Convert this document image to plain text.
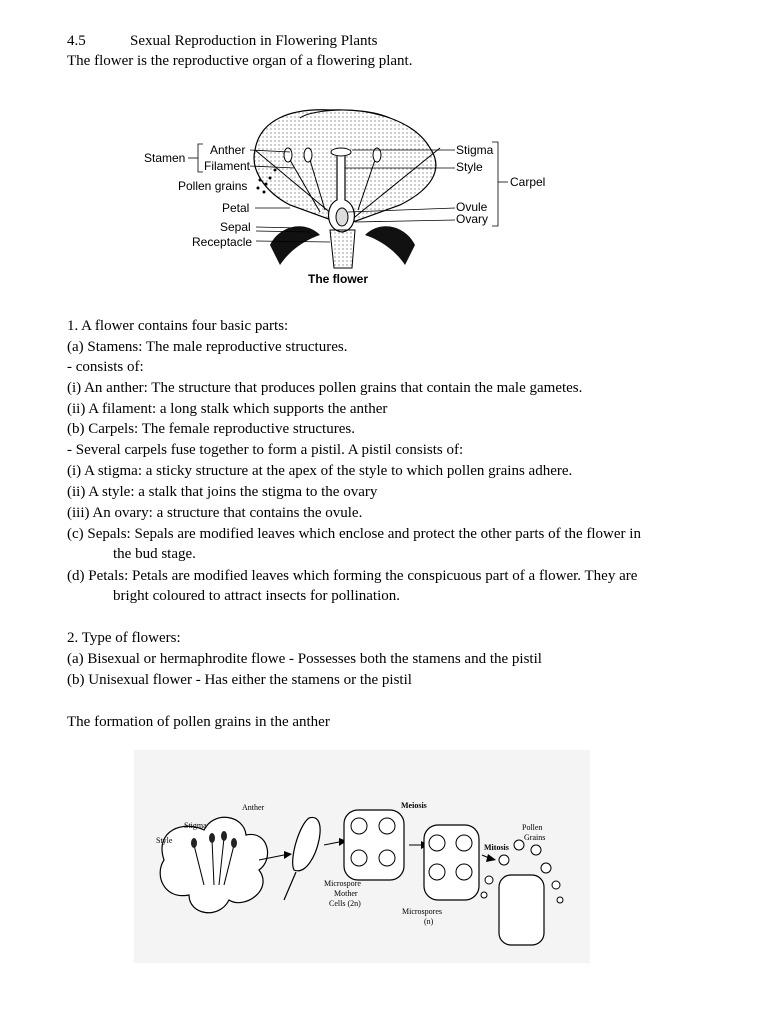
4.5	Sexual Reproduction in Flowering Plants
The flower is the reproductive organ of a flowering plant.
Stamen
Anther
Filament
Pollen grains
Petal
Sepal
Receptacle
Stigma
Style
Carpel
Ovule
Ovary
The flower
1. A flower contains four basic parts:
(a) Stamens: The male reproductive structures.
- consists of:
(i) An anther: The structure that produces pollen grains that contain the male gametes.
(ii) A filament: a long stalk which supports the anther
(b) Carpels: The female reproductive structures.
- Several carpels fuse together to form a pistil. A pistil consists of:
(i) A stigma: a sticky structure at the apex of the style to which pollen grains adhere.
(ii) A style: a stalk that joins the stigma to the ovary
(iii) An ovary: a structure that contains the ovule.
(c) Sepals: Sepals are modified leaves which enclose and protect the other parts of the flower in
the bud stage.
(d) Petals: Petals are modified leaves which forming the conspicuous part of a flower. They are
bright coloured to attract insects for pollination.
2. Type of flowers:
(a) Bisexual or hermaphrodite flowe - Possesses both the stamens and the pistil
(b) Unisexual flower - Has either the stamens or the pistil
The formation of pollen grains in the anther
Anther
Stigma
Style
Meiosis
Mitosis
Pollen
Grains
Microspore
Mother
Cells (2n)
Microspores
(n)
